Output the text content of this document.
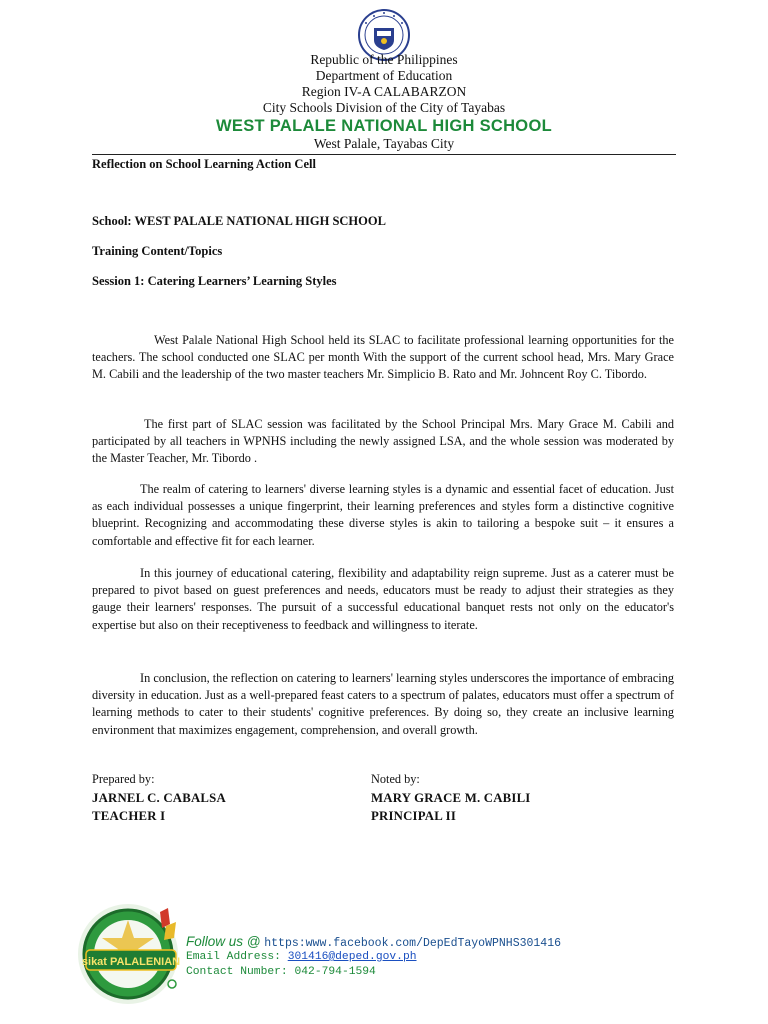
Republic of the Philippines
Department of Education
Region IV-A CALABARZON
City Schools Division of the City of Tayabas
WEST PALALE NATIONAL HIGH SCHOOL
West Palale, Tayabas City
Reflection on School Learning Action Cell
School: WEST PALALE NATIONAL HIGH SCHOOL
Training Content/Topics
Session 1: Catering Learners’ Learning Styles

West Palale National High School held its SLAC to facilitate professional learning opportunities for the teachers. The school conducted one SLAC per month With the support of the current school head, Mrs. Mary Grace M. Cabili and the leadership of the two master teachers Mr. Simplicio B. Rato and Mr. Johncent Roy C. Tibordo.

The first part of SLAC session was facilitated by the School Principal Mrs. Mary Grace M. Cabili and participated by all teachers in WPNHS including the newly assigned LSA, and the whole session was moderated by the Master Teacher, Mr. Tibordo .

The realm of catering to learners' diverse learning styles is a dynamic and essential facet of education. Just as each individual possesses a unique fingerprint, their learning preferences and styles form a distinctive cognitive blueprint. Recognizing and accommodating these diverse styles is akin to tailoring a bespoke suit – it ensures a comfortable and effective fit for each learner.

In this journey of educational catering, flexibility and adaptability reign supreme. Just as a caterer must be prepared to pivot based on guest preferences and needs, educators must be ready to adjust their strategies as they gauge their learners' responses. The pursuit of a successful educational banquet rests not only on the educator's expertise but also on their receptiveness to feedback and willingness to iterate.

In conclusion, the reflection on catering to learners' learning styles underscores the importance of embracing diversity in education. Just as a well-prepared feast caters to a spectrum of palates, educators must offer a spectrum of learning methods to cater to their students' cognitive preferences. By doing so, they create an inclusive learning environment that maximizes engagement, comprehension, and overall growth.

Prepared by:
JARNEL C. CABALSA
TEACHER I
Noted by:
MARY GRACE M. CABILI
PRINCIPAL II
sikat PALALENIAN
Follow us @ https:www.facebook.com/DepEdTayoWPNHS301416
Email Address: 301416@deped.gov.ph
Contact Number: 042-794-1594
